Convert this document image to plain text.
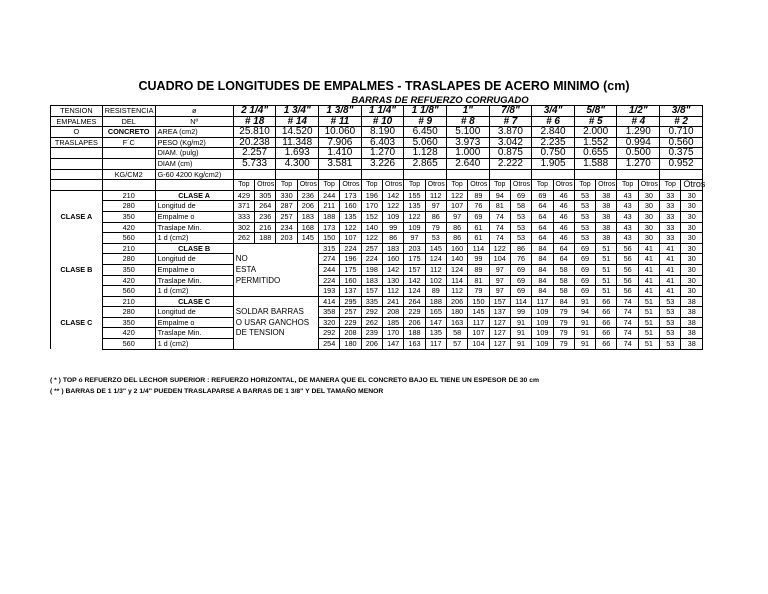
CUADRO DE LONGITUDES DE EMPALMES - TRASLAPES DE ACERO MINIMO (cm)
BARRAS DE REFUERZO CORRUGADO
TENSION	RESISTENCIA	ø	2 1/4"		1 3/4"		1 3/8"		1 1/4"		1 1/8"		1"		7/8"		3/4"		5/8"		1/2"		3/8"	
EMPALMES	DEL	Nº	# 18		# 14		# 11		# 10		# 9		# 8		# 7		# 6		# 5		# 4		# 2	
O	CONCRETO	AREA (cm2)	25.810		14.520		10.060		8.190		6.450		5.100		3.870		2.840		2.000		1.290		0.710	
TRASLAPES	F´C	PESO (Kg/m2)	20.238		11.348		7.906		6.403		5.060		3.973		3.042		2.235		1.552		0.994		0.560	
		DIAM. (pulg)	2.257		1.693		1.410		1.270		1.128		1.000		0.875		0.750		0.655		0.500		0.375	
		DIAM (cm)	5.733		4.300		3.581		3.226		2.865		2.640		2.222		1.905		1.588		1.270		0.952	
	KG/CM2	G-60 4200 Kg/cm2)																						
			Top	Otros	Top	Otros	Top	Otros	Top	Otros	Top	Otros	Top	Otros	Top	Otros	Top	Otros	Top	Otros	Top	Otros	Top	Otros
	210	CLASE A	429	305	330	236	244	173	196	142	155	112	122	89	94	69	69	46	53	38	43	30	33	30
	280	Longitud de	371	264	287	206	211	160	170	122	135	97	107	76	81	58	64	46	53	38	43	30	33	30
CLASE A	350	Empalme o	333	236	257	183	188	135	152	109	122	86	97	69	74	53	64	46	53	38	43	30	33	30
	420	Traslape Min.	302	216	234	168	173	122	140	99	109	79	86	61	74	53	64	46	53	38	43	30	33	30
	560	1 d (cm2)	262	188	203	145	150	107	122	86	97	53	86	61	74	53	64	46	53	38	43	30	33	30
	210	CLASE B					315	224	257	183	203	145	160	114	122	86	84	64	69	51	56	41	41	30
	280	Longitud de	NO				274	196	224	160	175	124	140	99	104	76	84	64	69	51	56	41	41	30
CLASE B	350	Empalme o	ESTA				244	175	198	142	157	112	124	89	97	69	84	58	69	51	56	41	41	30
	420	Traslape Min.	PERMITIDO				224	160	183	130	142	102	114	81	97	69	84	58	69	51	56	41	41	30
	560	1 d (cm2)					193	137	157	112	124	89	112	79	97	69	84	58	69	51	56	41	41	30
	210	CLASE C					414	295	335	241	264	188	206	150	157	114	117	84	91	66	74	51	53	38
	280	Longitud de	SOLDAR BARRAS				358	257	292	208	229	165	180	145	137	99	109	79	94	66	74	51	53	38
CLASE C	350	Empalme o	O USAR GANCHOS				320	229	262	185	206	147	163	117	127	91	109	79	91	66	74	51	53	38
	420	Traslape Min.	DE TENSION				292	208	239	170	188	135	58	107	127	91	109	79	91	66	74	51	53	38
	560	1 d (cm2)					254	180	206	147	163	117	57	104	127	91	109	79	91	66	74	51	53	38
( * ) TOP ó REFUERZO DEL LECHOR SUPERIOR : REFUERZO HORIZONTAL, DE MANERA QUE EL CONCRETO BAJO EL TIENE UN ESPESOR DE 30 cm
( ** ) BARRAS DE 1 1/3" y 2 1/4" PUEDEN TRASLAPARSE A BARRAS DE 1 3/8" Y DEL TAMAÑO MENOR
